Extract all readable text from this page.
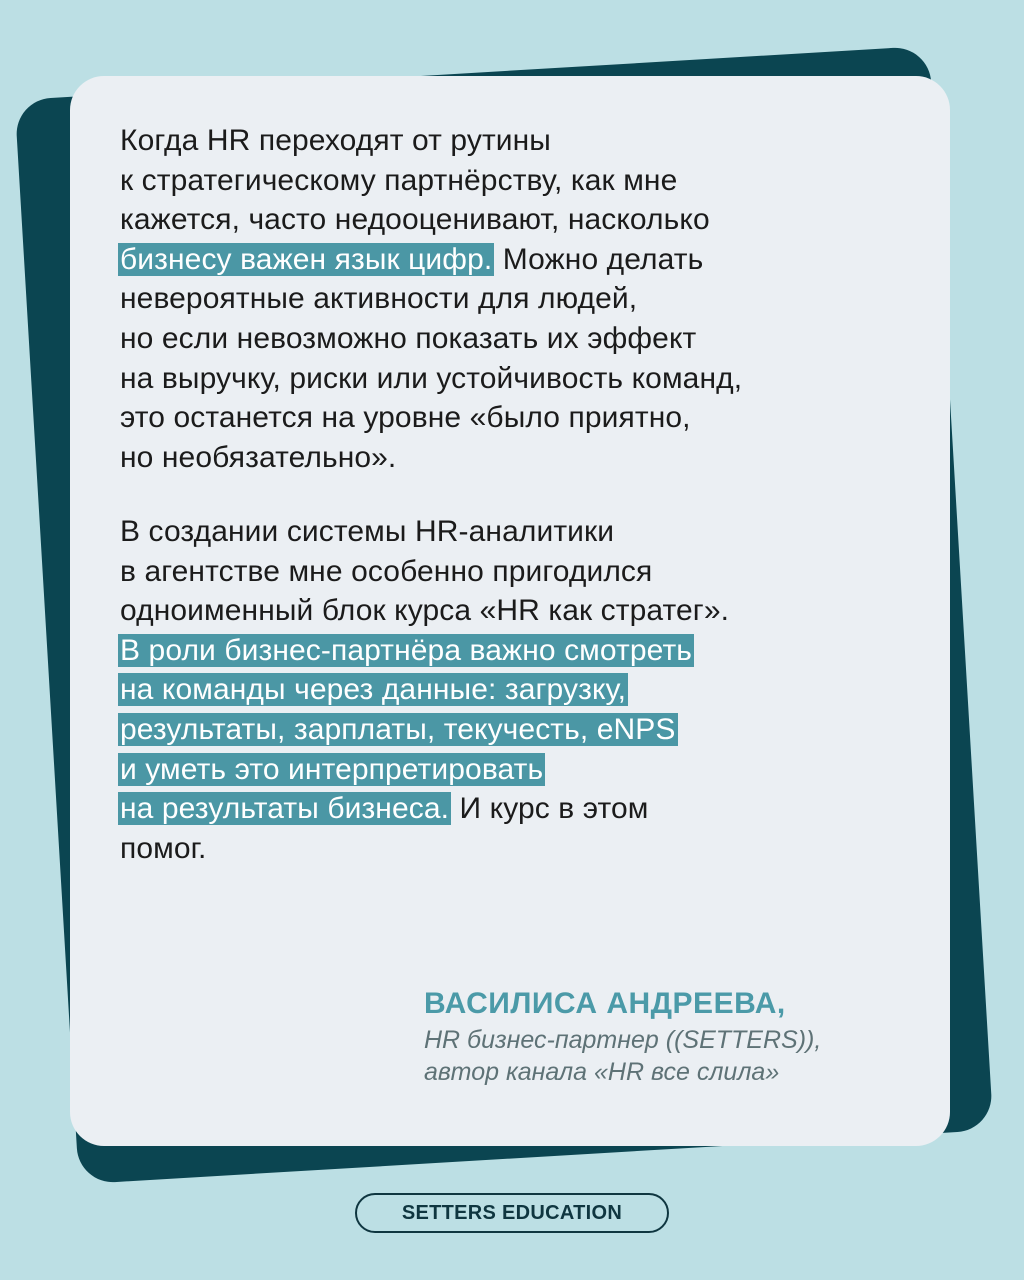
Когда HR переходят от рутины
к стратегическому партнёрству, как мне
кажется, часто недооценивают, насколько
бизнесу важен язык цифр. Можно делать
невероятные активности для людей,
но если невозможно показать их эффект
на выручку, риски или устойчивость команд,
это останется на уровне «было приятно,
но необязательно».
В создании системы HR-аналитики
в агентстве мне особенно пригодился
одноименный блок курса «HR как стратег».
В роли бизнес-партнёра важно смотреть
на команды через данные: загрузку,
результаты, зарплаты, текучесть, eNPS
и уметь это интерпретировать
на результаты бизнеса. И курс в этом
помог.
ВАСИЛИСА АНДРЕЕВА,
HR бизнес-партнер ((SETTERS)),
автор канала «HR все слила»
SETTERS EDUCATION
